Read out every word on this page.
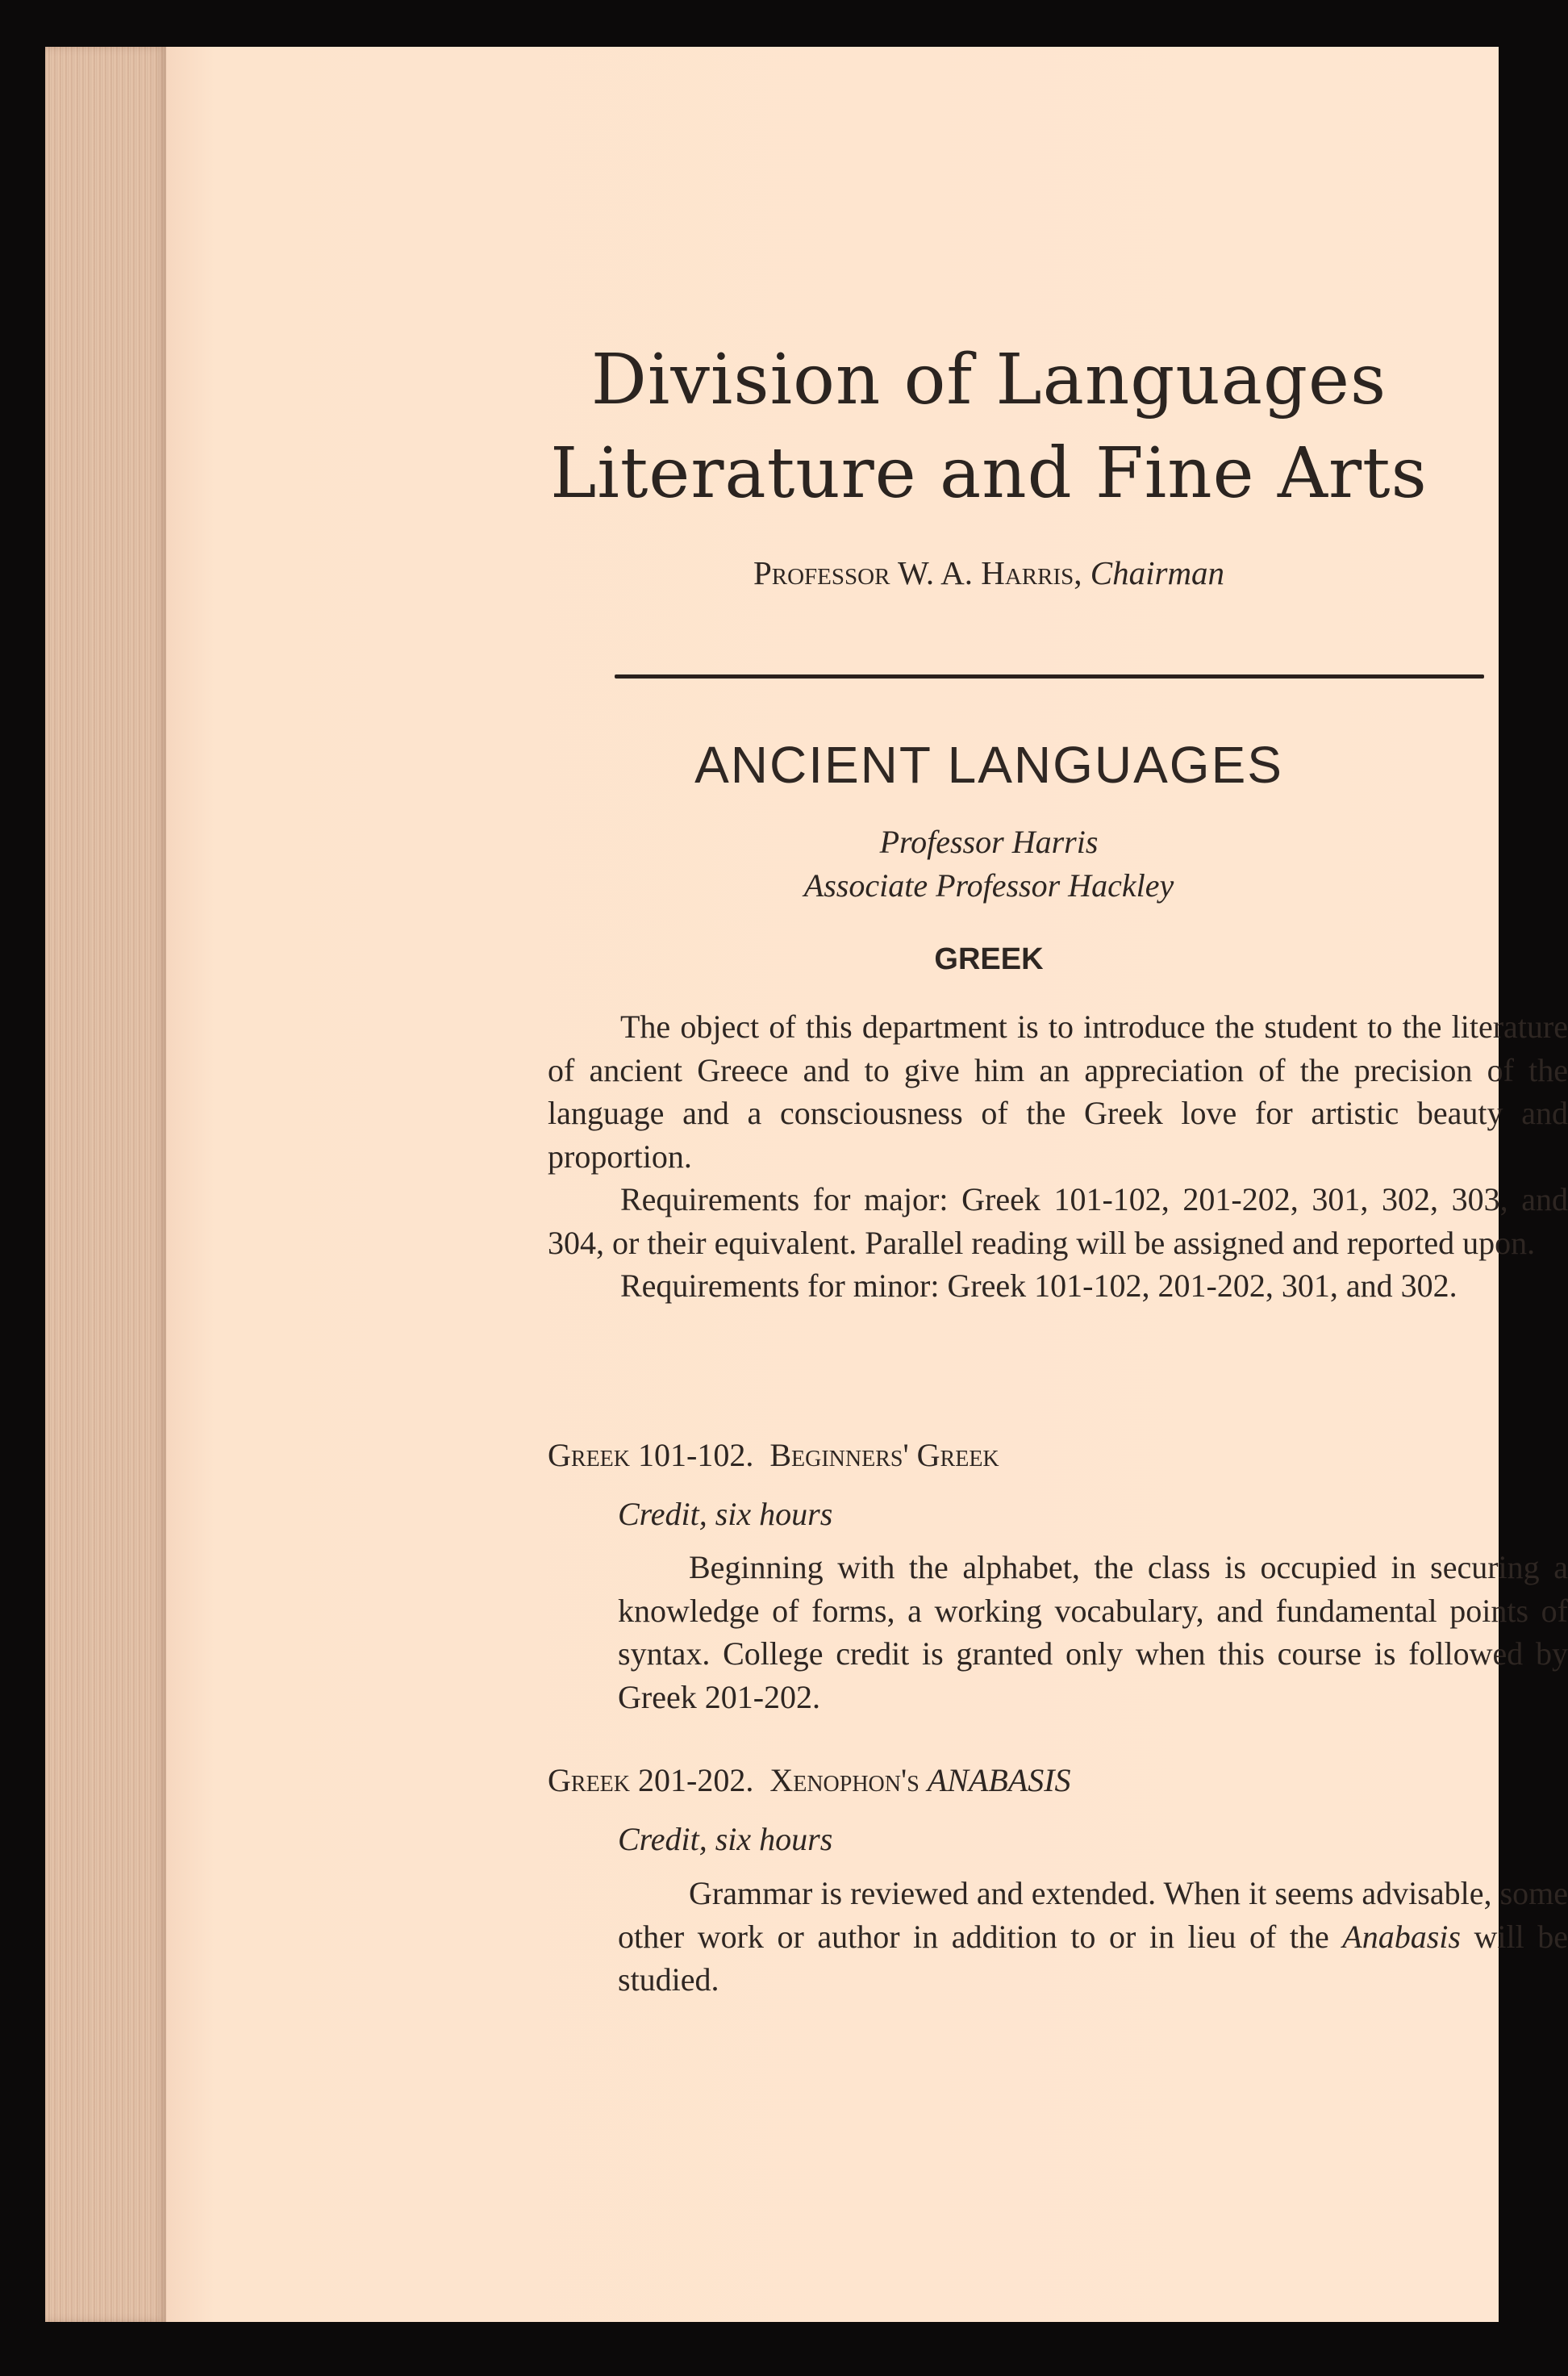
Division of Languages
Literature and Fine Arts
Professor W. A. Harris, Chairman
ANCIENT LANGUAGES
Professor Harris
Associate Professor Hackley
GREEK

The object of this department is to introduce the student to the literature of ancient Greece and to give him an appreciation of the precision of the language and a consciousness of the Greek love for artistic beauty and proportion.

Requirements for major: Greek 101-102, 201-202, 301, 302, 303, and 304, or their equivalent. Parallel reading will be assigned and reported upon.

Requirements for minor: Greek 101-102, 201-202, 301, and 302.

Greek 101-102. Beginners' Greek
Credit, six hours

Beginning with the alphabet, the class is occupied in securing a knowledge of forms, a working vocabulary, and fundamental points of syntax. College credit is granted only when this course is followed by Greek 201-202.

Greek 201-202. Xenophon's ANABASIS
Credit, six hours

Grammar is reviewed and extended. When it seems advisable, some other work or author in addition to or in lieu of the Anabasis will be studied.
